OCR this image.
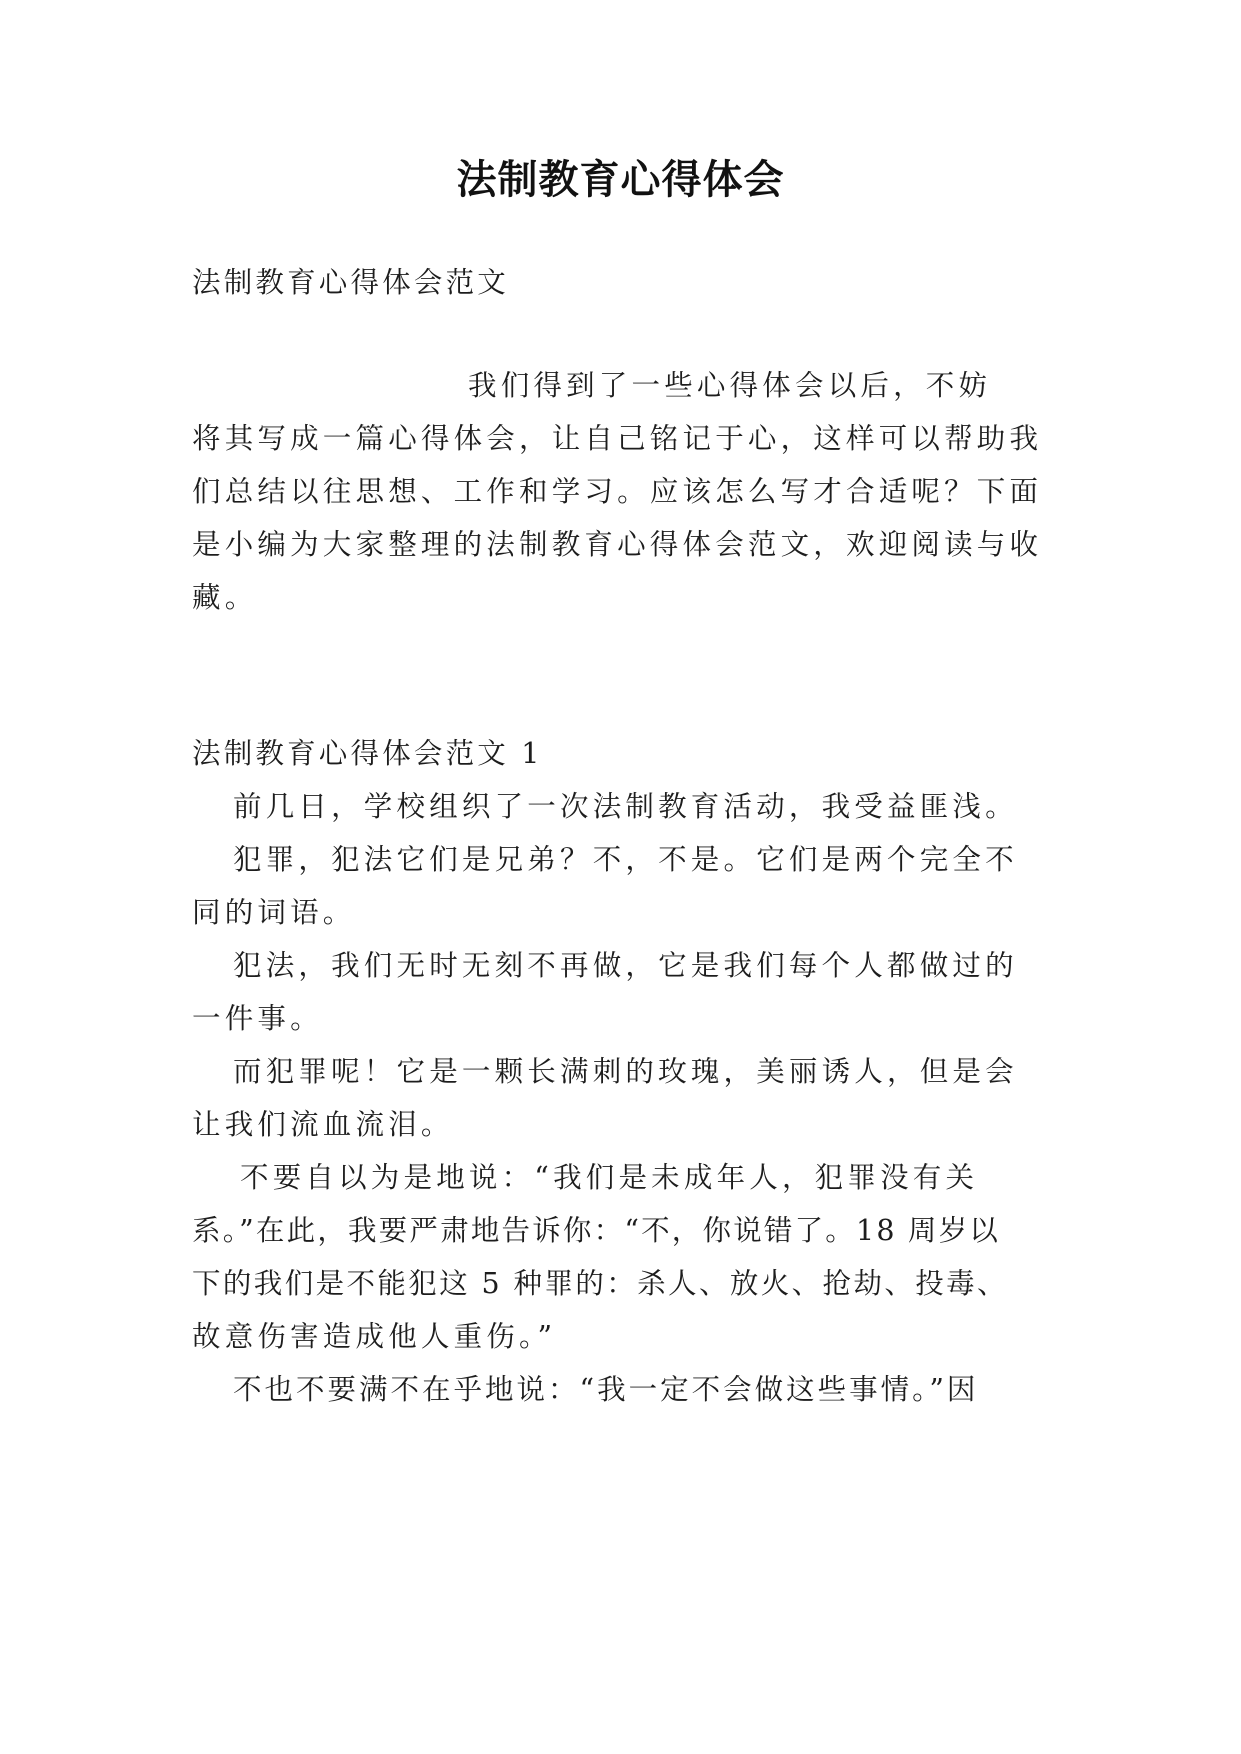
法制教育心得体会
法制教育心得体会范文
我们得到了一些心得体会以后，不妨
将其写成一篇心得体会，让自己铭记于心，这样可以帮助我
们总结以往思想、工作和学习。应该怎么写才合适呢？下面
是小编为大家整理的法制教育心得体会范文，欢迎阅读与收
藏。
法制教育心得体会范文 1
前几日，学校组织了一次法制教育活动，我受益匪浅。
犯罪，犯法它们是兄弟？不，不是。它们是两个完全不
同的词语。
犯法，我们无时无刻不再做，它是我们每个人都做过的
一件事。
而犯罪呢！它是一颗长满刺的玫瑰，美丽诱人，但是会
让我们流血流泪。
不要自以为是地说：“我们是未成年人，犯罪没有关
系。”在此，我要严肃地告诉你：“不，你说错了。18 周岁以
下的我们是不能犯这 5 种罪的：杀人、放火、抢劫、投毒、
故意伤害造成他人重伤。”
不也不要满不在乎地说：“我一定不会做这些事情。”因
